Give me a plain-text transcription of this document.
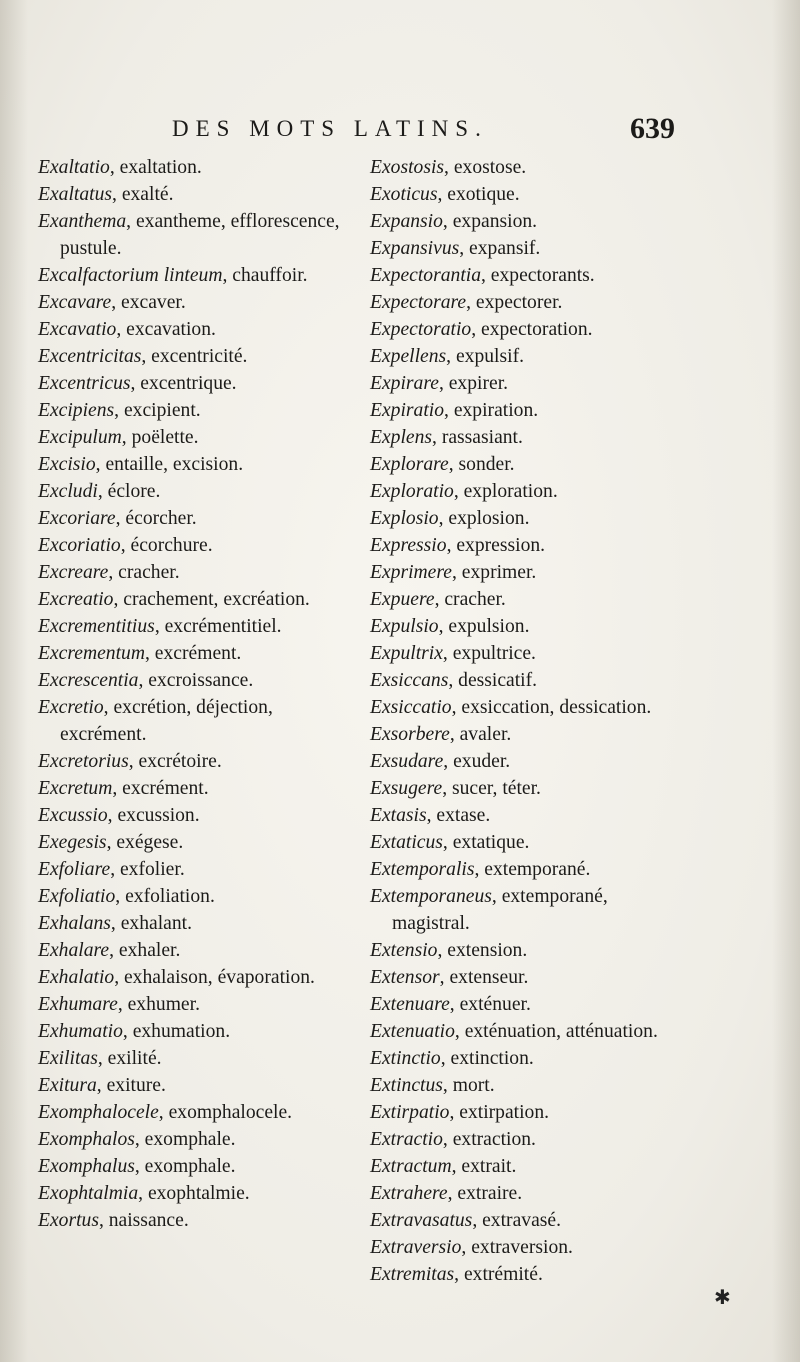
DES MOTS LATINS.	639
Exaltatio, exaltation.
Exaltatus, exalté.
Exanthema, exantheme, efflorescence, pustule.
Excalfactorium linteum, chauffoir.
Excavare, excaver.
Excavatio, excavation.
Excentricitas, excentricité.
Excentricus, excentrique.
Excipiens, excipient.
Excipulum, poëlette.
Excisio, entaille, excision.
Excludi, éclore.
Excoriare, écorcher.
Excoriatio, écorchure.
Excreare, cracher.
Excreatio, crachement, excréation.
Excrementitius, excrémentitiel.
Excrementum, excrément.
Excrescentia, excroissance.
Excretio, excrétion, déjection, excrément.
Excretorius, excrétoire.
Excretum, excrément.
Excussio, excussion.
Exegesis, exégese.
Exfoliare, exfolier.
Exfoliatio, exfoliation.
Exhalans, exhalant.
Exhalare, exhaler.
Exhalatio, exhalaison, évaporation.
Exhumare, exhumer.
Exhumatio, exhumation.
Exilitas, exilité.
Exitura, exiture.
Exomphalocele, exomphalocele.
Exomphalos, exomphale.
Exomphalus, exomphale.
Exophtalmia, exophtalmie.
Exortus, naissance.
Exostosis, exostose.
Exoticus, exotique.
Expansio, expansion.
Expansivus, expansif.
Expectorantia, expectorants.
Expectorare, expectorer.
Expectoratio, expectoration.
Expellens, expulsif.
Expirare, expirer.
Expiratio, expiration.
Explens, rassasiant.
Explorare, sonder.
Exploratio, exploration.
Explosio, explosion.
Expressio, expression.
Exprimere, exprimer.
Expuere, cracher.
Expulsio, expulsion.
Expultrix, expultrice.
Exsiccans, dessicatif.
Exsiccatio, exsiccation, dessication.
Exsorbere, avaler.
Exsudare, exuder.
Exsugere, sucer, téter.
Extasis, extase.
Extaticus, extatique.
Extemporalis, extemporané.
Extemporaneus, extemporané, magistral.
Extensio, extension.
Extensor, extenseur.
Extenuare, exténuer.
Extenuatio, exténuation, atténuation.
Extinctio, extinction.
Extinctus, mort.
Extirpatio, extirpation.
Extractio, extraction.
Extractum, extrait.
Extrahere, extraire.
Extravasatus, extravasé.
Extraversio, extraversion.
Extremitas, extrémité.
✱
